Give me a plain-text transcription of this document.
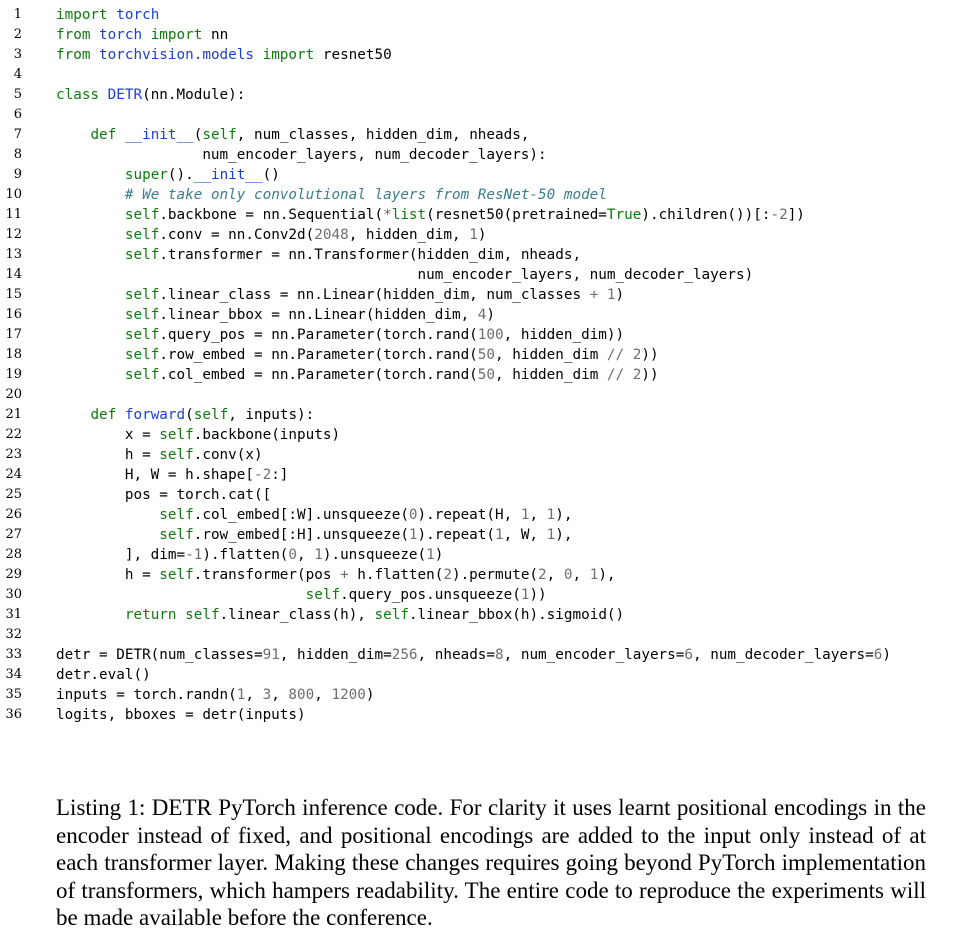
1 import torch
2 from torch import nn
3 from torchvision.models import resnet50
4
5 class DETR(nn.Module):
6
7	def __init__(self, num_classes, hidden_dim, nheads,
8 num_encoder_layers, num_decoder_layers):
9	super().__init__()
10	# We take only convolutional layers from ResNet-50 model
11	self.backbone = nn.Sequential(*list(resnet50(pretrained=True).children())[:-2])
12	self.conv = nn.Conv2d(2048, hidden_dim, 1)
13	self.transformer = nn.Transformer(hidden_dim, nheads,
14 num_encoder_layers, num_decoder_layers)
15	self.linear_class = nn.Linear(hidden_dim, num_classes + 1)
16	self.linear_bbox = nn.Linear(hidden_dim, 4)
17	self.query_pos = nn.Parameter(torch.rand(100, hidden_dim))
18	self.row_embed = nn.Parameter(torch.rand(50, hidden_dim // 2))
19	self.col_embed = nn.Parameter(torch.rand(50, hidden_dim // 2))
20
21	def forward(self, inputs):
22 x = self.backbone(inputs)
23 h = self.conv(x)
24 H, W = h.shape[-2:]
25 pos = torch.cat([
26	self.col_embed[:W].unsqueeze(0).repeat(H, 1, 1),
27	self.row_embed[:H].unsqueeze(1).repeat(1, W, 1),
28 ], dim=-1).flatten(0, 1).unsqueeze(1)
29 h = self.transformer(pos + h.flatten(2).permute(2, 0, 1),
30	self.query_pos.unsqueeze(1))
31	return self.linear_class(h), self.linear_bbox(h).sigmoid()
32
33 detr = DETR(num_classes=91, hidden_dim=256, nheads=8, num_encoder_layers=6, num_decoder_layers=6)
34 detr.eval()
35 inputs = torch.randn(1, 3, 800, 1200)
36 logits, bboxes = detr(inputs)

Listing 1: DETR PyTorch inference code. For clarity it uses learnt positional encodings in the encoder instead of fixed, and positional encodings are added to the input only instead of at each transformer layer. Making these changes requires going beyond PyTorch implementation of transformers, which hampers readability. The entire code to reproduce the experiments will be made available before the conference.
